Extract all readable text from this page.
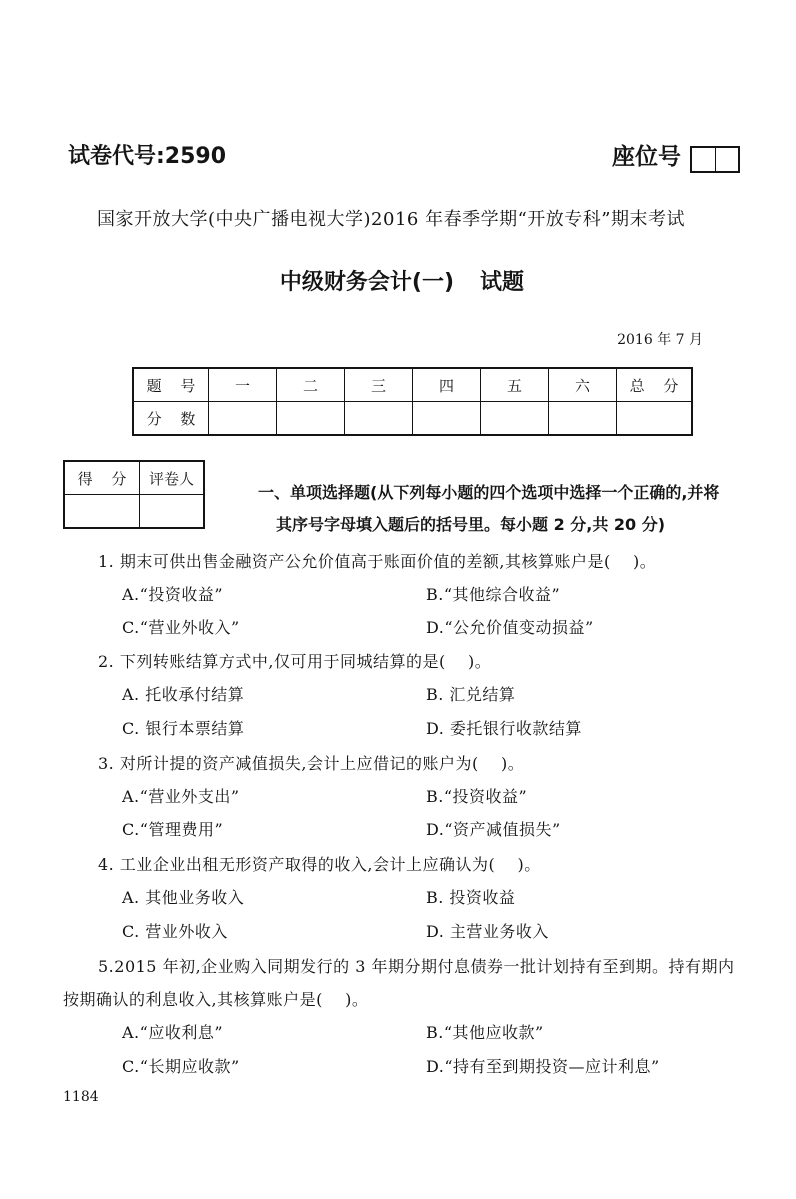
试卷代号:2590	座位号
国家开放大学(中央广播电视大学)2016 年春季学期“开放专科”期末考试
中级财务会计(一) 试题
2016 年 7 月
题 号	一	二	三	四	五	六	总 分
分 数							
得 分	评卷人

一、单项选择题(从下列每小题的四个选项中选择一个正确的,并将
其序号字母填入题后的括号里。每小题 2 分,共 20 分)
1. 期末可供出售金融资产公允价值高于账面价值的差额,其核算账户是(    )。
A.“投资收益”	B.“其他综合收益”
C.“营业外收入”	D.“公允价值变动损益”
2. 下列转账结算方式中,仅可用于同城结算的是(    )。
A. 托收承付结算	B. 汇兑结算
C. 银行本票结算	D. 委托银行收款结算
3. 对所计提的资产减值损失,会计上应借记的账户为(    )。
A.“营业外支出”	B.“投资收益”
C.“管理费用”	D.“资产减值损失”
4. 工业企业出租无形资产取得的收入,会计上应确认为(    )。
A. 其他业务收入	B. 投资收益
C. 营业外收入	D. 主营业务收入
5.2015 年初,企业购入同期发行的 3 年期分期付息债券一批计划持有至到期。持有期内
按期确认的利息收入,其核算账户是(    )。
A.“应收利息”	B.“其他应收款”
C.“长期应收款”	D.“持有至到期投资—应计利息”
1184
